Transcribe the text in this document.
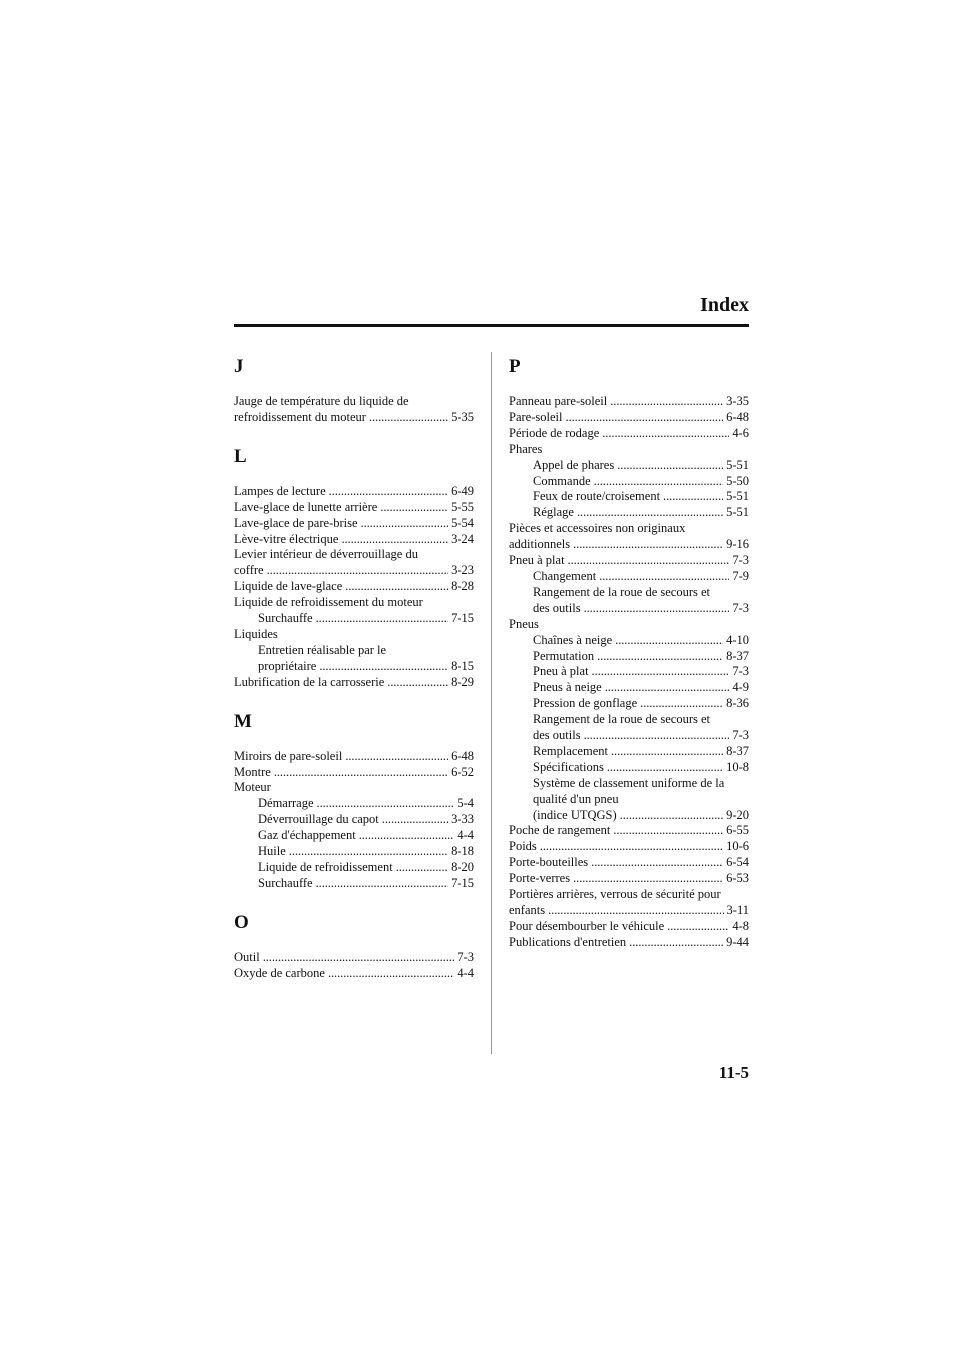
Index
J
Jauge de température du liquide de
refroidissement du moteur . . .	5-35
L
Lampes de lecture . . .	6-49
Lave-glace de lunette arrière . . .	5-55
Lave-glace de pare-brise . . .	5-54
Lève-vitre électrique . . .	3-24
Levier intérieur de déverrouillage du
coffre . . .	3-23
Liquide de lave-glace . . .	8-28
Liquide de refroidissement du moteur
Surchauffe . . .	7-15
Liquides
Entretien réalisable par le
propriétaire . . .	8-15
Lubrification de la carrosserie . . .	8-29
M
Miroirs de pare-soleil . . .	6-48
Montre . . .	6-52
Moteur
Démarrage . . .	5-4
Déverrouillage du capot . . .	3-33
Gaz d'échappement . . .	4-4
Huile . . .	8-18
Liquide de refroidissement . . .	8-20
Surchauffe . . .	7-15
O
Outil . . .	7-3
Oxyde de carbone . . .	4-4
P
Panneau pare-soleil . . .	3-35
Pare-soleil . . .	6-48
Période de rodage . . .	4-6
Phares
Appel de phares . . .	5-51
Commande . . .	5-50
Feux de route/croisement . . .	5-51
Réglage . . .	5-51
Pièces et accessoires non originaux
additionnels . . .	9-16
Pneu à plat . . .	7-3
Changement . . .	7-9
Rangement de la roue de secours et
des outils . . .	7-3
Pneus
Chaînes à neige . . .	4-10
Permutation . . .	8-37
Pneu à plat . . .	7-3
Pneus à neige . . .	4-9
Pression de gonflage . . .	8-36
Rangement de la roue de secours et
des outils . . .	7-3
Remplacement . . .	8-37
Spécifications . . .	10-8
Système de classement uniforme de la
qualité d'un pneu
(indice UTQGS) . . .	9-20
Poche de rangement . . .	6-55
Poids . . .	10-6
Porte-bouteilles . . .	6-54
Porte-verres . . .	6-53
Portières arrières, verrous de sécurité pour
enfants . . .	3-11
Pour désembourber le véhicule . . .	4-8
Publications d'entretien . . .	9-44
11-5
